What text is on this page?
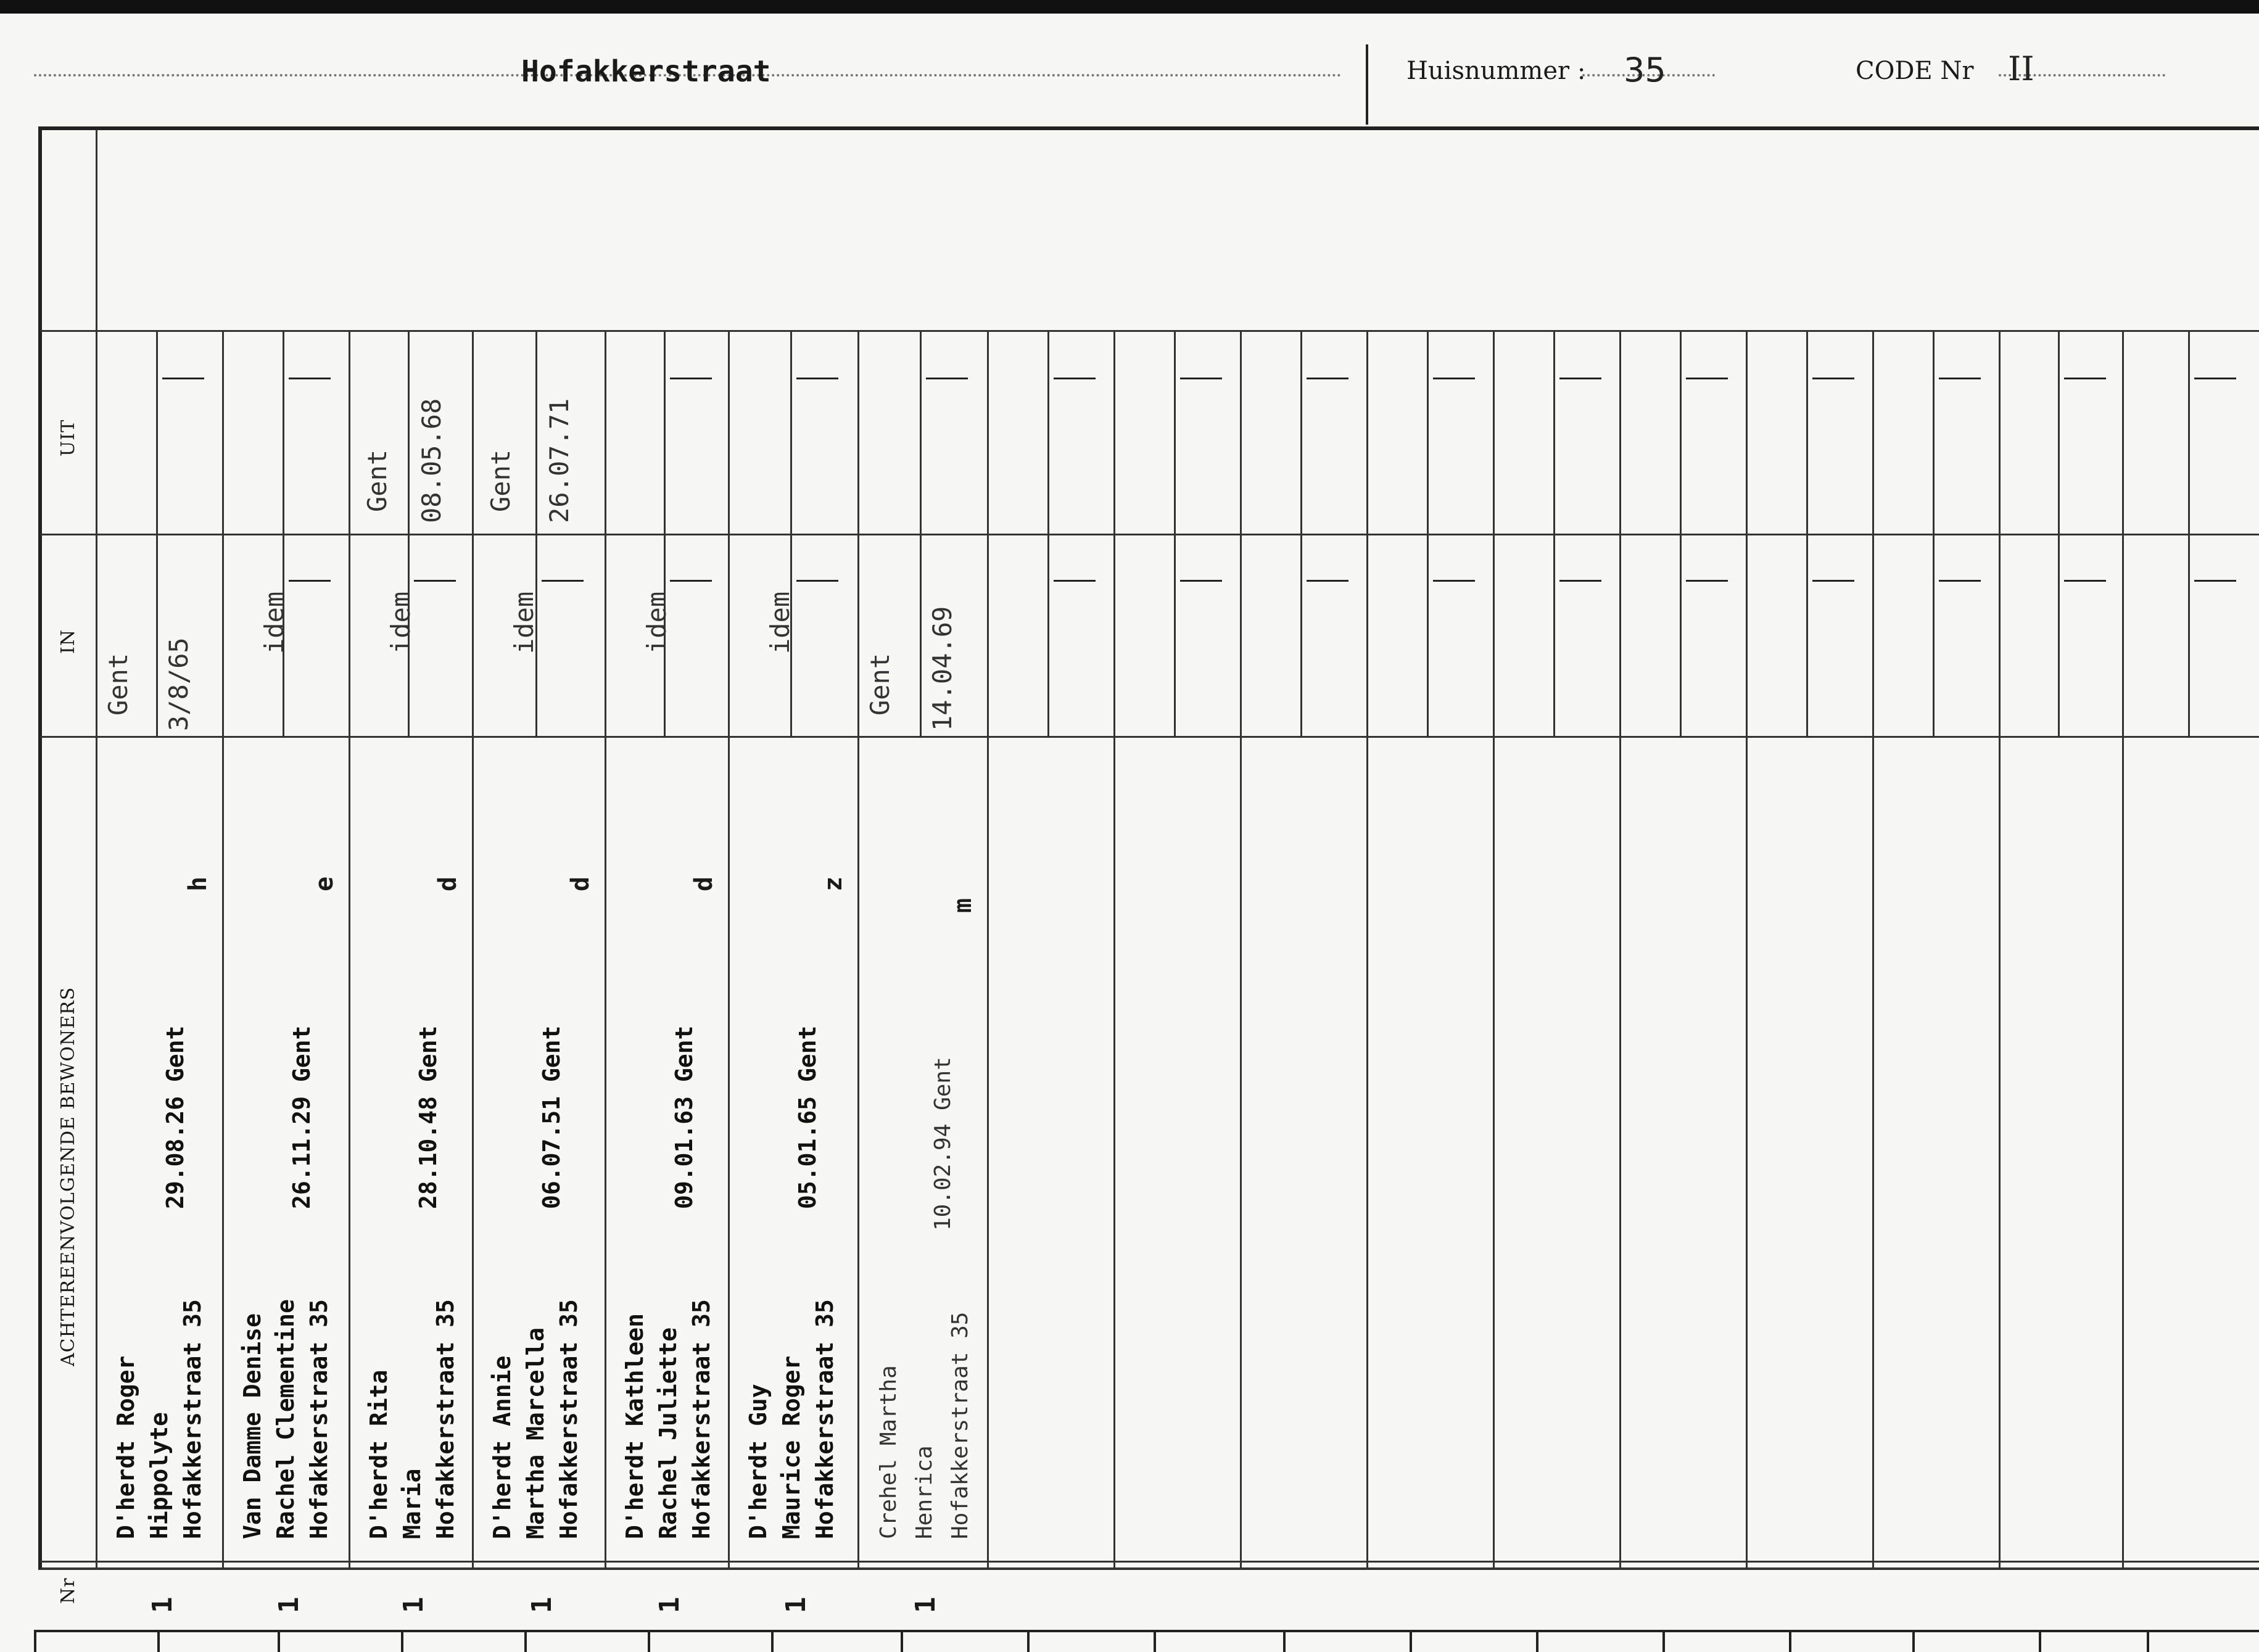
Hofakkerstraat	Huisnummer : 35	CODE Nr II
UIT
IN
ACHTEREENVOLGENDE BEWONERS
Nr
D'herdt Roger Hippolyte Hofakkerstraat 35
29.08.26 Gent
h
Gent 3/8/65
1
Van Damme Denise Rachel Clementine Hofakkerstraat 35
26.11.29 Gent
e
idem
1
D'herdt Rita Maria Hofakkerstraat 35
28.10.48 Gent
d
idem
Gent 08.05.68
1
D'herdt Annie Martha Marcella Hofakkerstraat 35
06.07.51 Gent
d
idem
Gent 26.07.71
1
D'herdt Kathleen Rachel Juliette Hofakkerstraat 35
09.01.63 Gent
d
idem
1
D'herdt Guy Maurice Roger Hofakkerstraat 35
05.01.65 Gent
z
idem
1
Crehel Martha Henrica Hofakkerstraat 35
10.02.94 Gent
m
Gent 14.04.69
1
